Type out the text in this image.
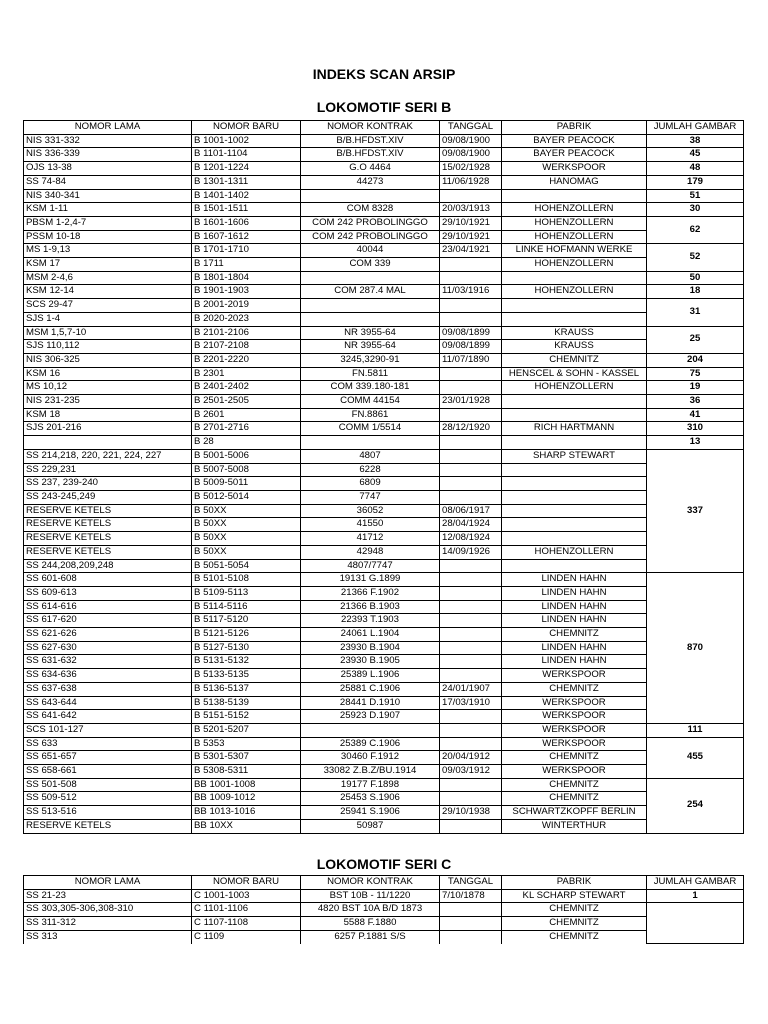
INDEKS SCAN ARSIP
LOKOMOTIF SERI B
NOMOR LAMA	NOMOR BARU	NOMOR KONTRAK	TANGGAL	PABRIK	JUMLAH GAMBAR
NIS 331-332	B 1001-1002	B/B.HFDST.XIV	09/08/1900	BAYER PEACOCK	38
NIS 336-339	B 1101-1104	B/B.HFDST.XIV	09/08/1900	BAYER PEACOCK	45
OJS 13-38	B 1201-1224	G.O 4464	15/02/1928	WERKSPOOR	48
SS 74-84	B 1301-1311	44273	11/06/1928	HANOMAG	179
NIS 340-341	B 1401-1402				51
KSM 1-11	B 1501-1511	COM 8328	20/03/1913	HOHENZOLLERN	30
PBSM 1-2,4-7	B 1601-1606	COM 242 PROBOLINGGO	29/10/1921	HOHENZOLLERN	62
PSSM 10-18	B 1607-1612	COM 242 PROBOLINGGO	29/10/1921	HOHENZOLLERN	
MS 1-9,13	B 1701-1710	40044	23/04/1921	LINKE HOFMANN WERKE	52
KSM 17	B 1711	COM 339		HOHENZOLLERN	
MSM 2-4,6	B 1801-1804				50
KSM 12-14	B 1901-1903	COM 287.4 MAL	11/03/1916	HOHENZOLLERN	18
SCS 29-47	B 2001-2019				31
SJS 1-4	B 2020-2023				
MSM 1,5,7-10	B 2101-2106	NR 3955-64	09/08/1899	KRAUSS	25
SJS 110,112	B 2107-2108	NR 3955-64	09/08/1899	KRAUSS	
NIS 306-325	B 2201-2220	3245,3290-91	11/07/1890	CHEMNITZ	204
KSM 16	B 2301	FN.5811		HENSCEL & SOHN - KASSEL	75
MS 10,12	B 2401-2402	COM 339.180-181		HOHENZOLLERN	19
NIS 231-235	B 2501-2505	COMM 44154	23/01/1928		36
KSM 18	B 2601	FN.8861			41
SJS 201-216	B 2701-2716	COMM 1/5514	28/12/1920	RICH HARTMANN	310
	B 28				13
SS 214,218, 220, 221, 224, 227	B 5001-5006	4807		SHARP STEWART	337
SS 229,231	B 5007-5008	6228			
SS 237, 239-240	B 5009-5011	6809			
SS 243-245,249	B 5012-5014	7747			
RESERVE KETELS	B 50XX	36052	08/06/1917		
RESERVE KETELS	B 50XX	41550	28/04/1924		
RESERVE KETELS	B 50XX	41712	12/08/1924		
RESERVE KETELS	B 50XX	42948	14/09/1926	HOHENZOLLERN	
SS 244,208,209,248	B 5051-5054	4807/7747			
SS 601-608	B 5101-5108	19131 G.1899		LINDEN HAHN	870
SS 609-613	B 5109-5113	21366 F.1902		LINDEN HAHN	
SS 614-616	B 5114-5116	21366 B.1903		LINDEN HAHN	
SS 617-620	B 5117-5120	22393 T.1903		LINDEN HAHN	
SS 621-626	B 5121-5126	24061 L.1904		CHEMNITZ	
SS 627-630	B 5127-5130	23930 B.1904		LINDEN HAHN	
SS 631-632	B 5131-5132	23930 B.1905		LINDEN HAHN	
SS 634-636	B 5133-5135	25389 L.1906		WERKSPOOR	
SS 637-638	B 5136-5137	25881 C.1906	24/01/1907	CHEMNITZ	
SS 643-644	B 5138-5139	28441 D.1910	17/03/1910	WERKSPOOR	
SS 641-642	B 5151-5152	25923 D.1907		WERKSPOOR	
SCS 101-127	B 5201-5207			WERKSPOOR	111
SS 633	B 5353	25389 C.1906		WERKSPOOR	455
SS 651-657	B 5301-5307	30460 F.1912	20/04/1912	CHEMNITZ	
SS 658-661	B 5308-5311	33082 Z.B.Z/BU.1914	09/03/1912	WERKSPOOR	
SS 501-508	BB 1001-1008	19177 F.1898		CHEMNITZ	254
SS 509-512	BB 1009-1012	25453 S.1906		CHEMNITZ	
SS 513-516	BB 1013-1016	25941 S.1906	29/10/1938	SCHWARTZKOPFF BERLIN	
RESERVE KETELS	BB 10XX	50987		WINTERTHUR	
LOKOMOTIF SERI C
NOMOR LAMA	NOMOR BARU	NOMOR KONTRAK	TANGGAL	PABRIK	JUMLAH GAMBAR
SS 21-23	C 1001-1003	BST 10B - 11/1220	7/10/1878	KL SCHARP STEWART	1
SS 303,305-306,308-310	C 1101-1106	4820 BST 10A B/D 1873		CHEMNITZ	
SS 311-312	C 1107-1108	5588 F.1880		CHEMNITZ	
SS 313	C 1109	6257 P.1881 S/S		CHEMNITZ	
